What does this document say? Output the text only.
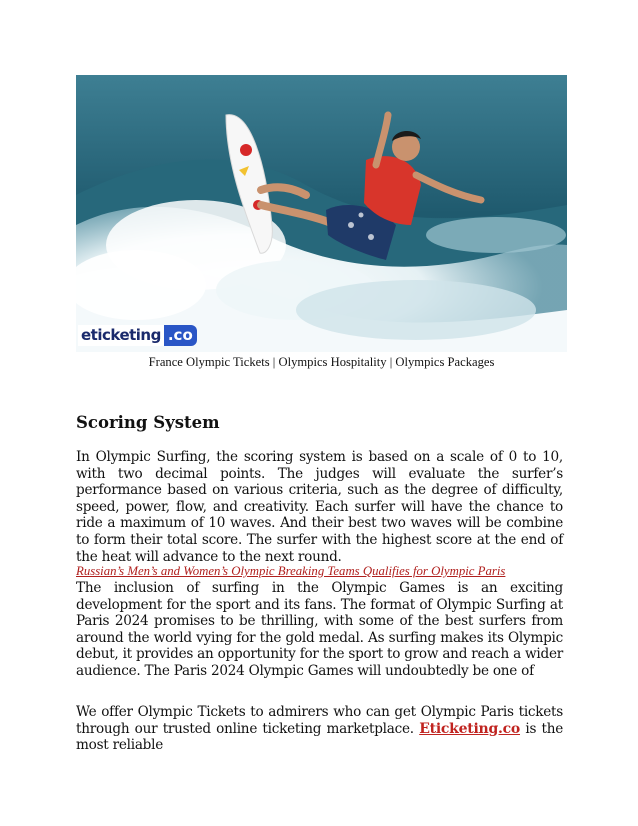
eticketing .co
France Olympic Tickets | Olympics Hospitality | Olympics Packages
Scoring System
In Olympic Surfing, the scoring system is based on a scale of 0 to 10, with two decimal points. The judges will evaluate the surfer’s performance based on various criteria, such as the degree of difficulty, speed, power, flow, and creativity. Each surfer will have the chance to ride a maximum of 10 waves. And their best two waves will be combine to form their total score. The surfer with the highest score at the end of the heat will advance to the next round.
Russian’s Men’s and Women’s Olympic Breaking Teams Qualifies for Olympic Paris
The inclusion of surfing in the Olympic Games is an exciting development for the sport and its fans. The format of Olympic Surfing at Paris 2024 promises to be thrilling, with some of the best surfers from around the world vying for the gold medal. As surfing makes its Olympic debut, it provides an opportunity for the sport to grow and reach a wider audience. The Paris 2024 Olympic Games will undoubtedly be one of
We offer Olympic Tickets to admirers who can get Olympic Paris tickets through our trusted online ticketing marketplace. Eticketing.co is the most reliable
